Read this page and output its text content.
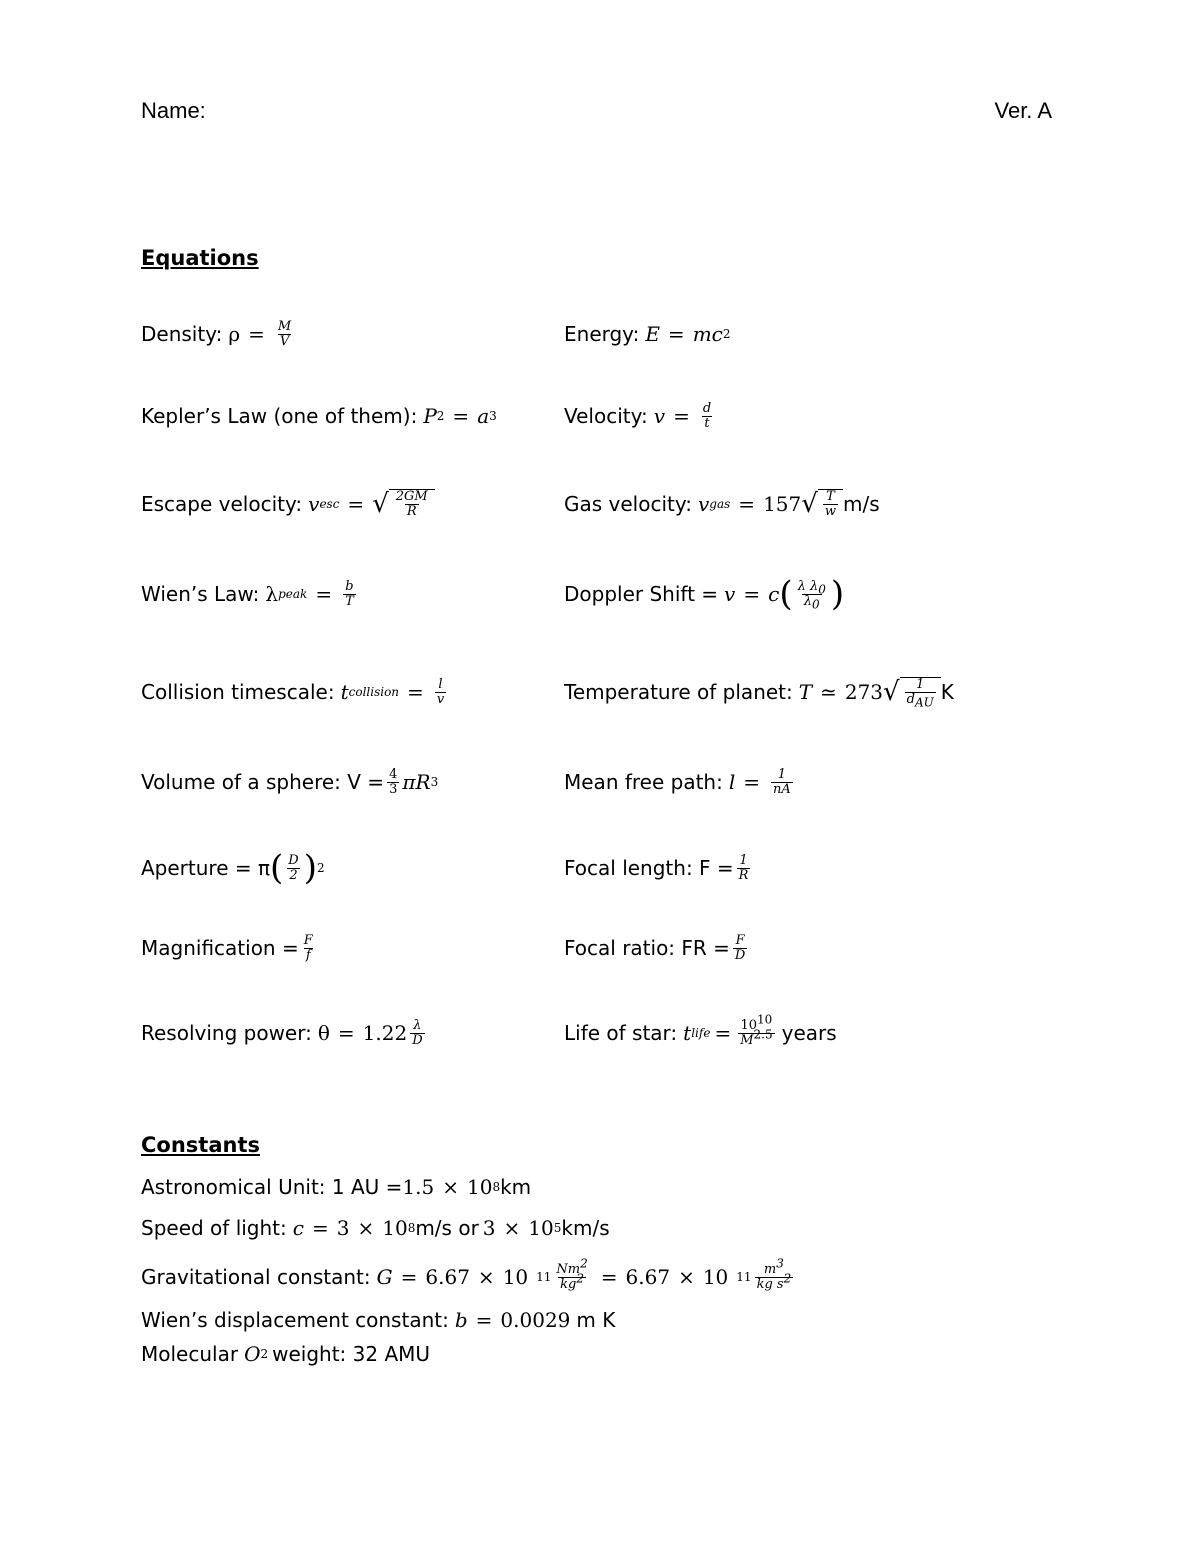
Name:	Ver. A
Equations
Density: $\rho = \frac{M}{V}$	Energy: E = mc 2
Kepler’s Law (one of them): P 2 = a 3	Velocity: $v = \frac{d}{t}$
Escape velocity: v esc = √ $\frac{2GM}{R}$	Gas velocity: v gas = 157 √ $\frac{T}{w} m/s$
Wien’s Law: λ peak = $\frac{b}{T}$	Doppler Shift = v = c ( $\frac{\lambda \lambda_0}{\lambda_0}$ )
Collision timescale: t collision = $\frac{l}{v}$	Temperature of planet: T ≃ 273 √ $\frac{1}{d_{AU}}$ K
Volume of a sphere: $V = \frac{4}{3}$ πR 3	Mean free path: $l = \frac{1}{nA}$
Aperture = π ( $\frac{D}{2}$ ) 2	Focal length: $F = \frac{1}{R}$
Magnification = $\frac{F}{f}$	Focal ratio: FR = $\frac{F}{D}$
Resolving power: $\theta = 1.22 \frac{\lambda}{D}$	Life of star: t life = $\frac{10^{10}}{M^{2.5}}$ years
Constants
Astronomical Unit: 1 AU = 1.5 × 10 8 km
Speed of light: c = 3 × 10 8 m/s or 3 × 10 5 km/s
Gravitational constant: G = 6.67 × 10 $11 \frac{Nm^2}{kg^2} = 6.67 \times 10$ $11 \frac{m^3}{kg s^2}$
Wien’s displacement constant: b = 0.0029 m K
Molecular O 2 weight: 32 AMU
